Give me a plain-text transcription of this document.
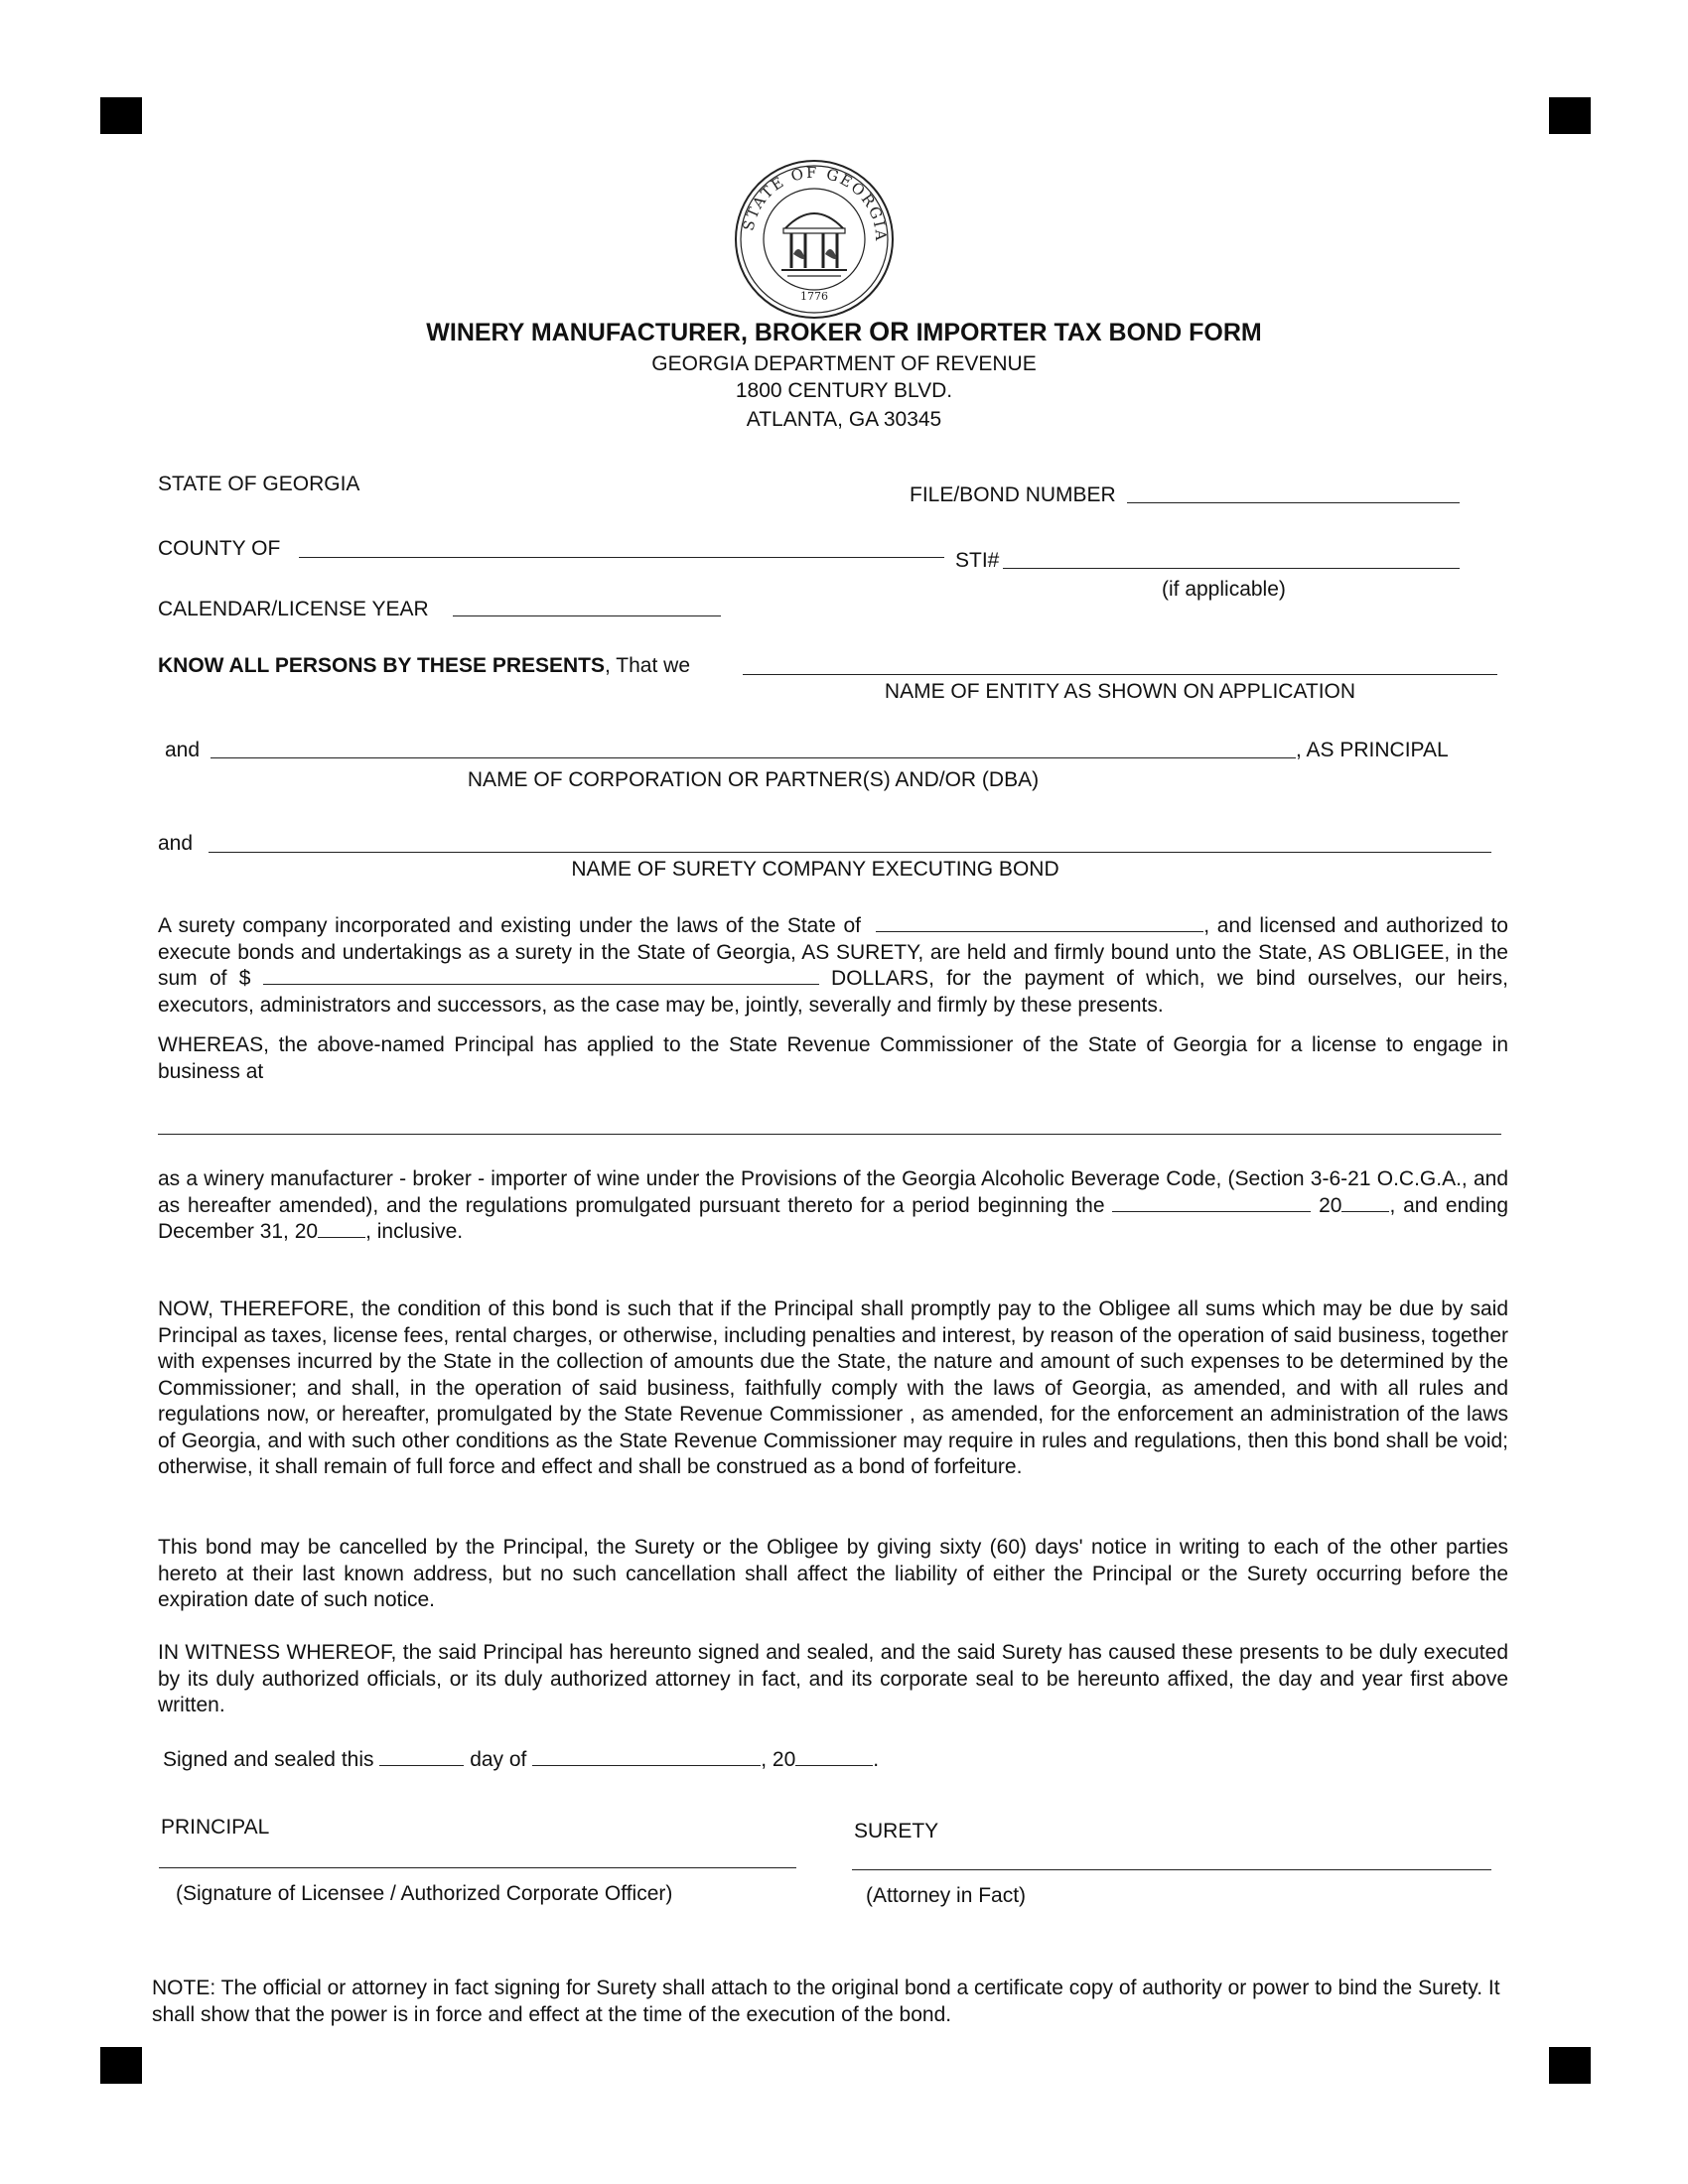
STATE OF GEORGIA
1776
WINERY MANUFACTURER, BROKER OR IMPORTER TAX BOND FORM
GEORGIA DEPARTMENT OF REVENUE
1800 CENTURY BLVD.
ATLANTA, GA 30345
STATE OF GEORGIA	FILE/BOND NUMBER
COUNTY OF
STI#
(if applicable)
CALENDAR/LICENSE YEAR
KNOW ALL PERSONS BY THESE PRESENTS, That we
NAME OF ENTITY AS SHOWN ON APPLICATION
and	, AS PRINCIPAL
NAME OF CORPORATION OR PARTNER(S) AND/OR (DBA)
and
NAME OF SURETY COMPANY EXECUTING BOND
A surety company incorporated and existing under the laws of the State of	, and licensed and authorized to execute bonds and undertakings as a surety in the State of Georgia, AS SURETY, are held and firmly bound unto the State, AS OBLIGEE, in the sum of $	DOLLARS, for the payment of which, we bind ourselves, our heirs, executors, administrators and successors, as the case may be, jointly, severally and firmly by these presents.
WHEREAS, the above-named Principal has applied to the State Revenue Commissioner of the State of Georgia for a license to engage in business at
as a winery manufacturer - broker - importer of wine under the Provisions of the Georgia Alcoholic Beverage Code, (Section 3-6-21 O.C.G.A., and as hereafter amended), and the regulations promulgated pursuant thereto for a period beginning the	20 , and ending December 31, 20 , inclusive.
NOW, THEREFORE, the condition of this bond is such that if the Principal shall promptly pay to the Obligee all sums which may be due by said Principal as taxes, license fees, rental charges, or otherwise, including penalties and interest, by reason of the operation of said business, together with expenses incurred by the State in the collection of amounts due the State, the nature and amount of such expenses to be determined by the Commissioner; and shall, in the operation of said business, faithfully comply with the laws of Georgia, as amended, and with all rules and regulations now, or hereafter, promulgated by the State Revenue Commissioner , as amended, for the enforcement an administration of the laws of Georgia, and with such other conditions as the State Revenue Commissioner may require in rules and regulations, then this bond shall be void; otherwise, it shall remain of full force and effect and shall be construed as a bond of forfeiture.
This bond may be cancelled by the Principal, the Surety or the Obligee by giving sixty (60) days' notice in writing to each of the other parties hereto at their last known address, but no such cancellation shall affect the liability of either the Principal or the Surety occurring before the expiration date of such notice.
IN WITNESS WHEREOF, the said Principal has hereunto signed and sealed, and the said Surety has caused these presents to be duly executed by its duly authorized officials, or its duly authorized attorney in fact, and its corporate seal to be hereunto affixed, the day and year first above written.
Signed and sealed this	day of	, 20	.
PRINCIPAL
(Signature of Licensee / Authorized Corporate Officer)
SURETY
(Attorney in Fact)
NOTE: The official or attorney in fact signing for Surety shall attach to the original bond a certificate copy of authority or power to bind the Surety. It shall show that the power is in force and effect at the time of the execution of the bond.
